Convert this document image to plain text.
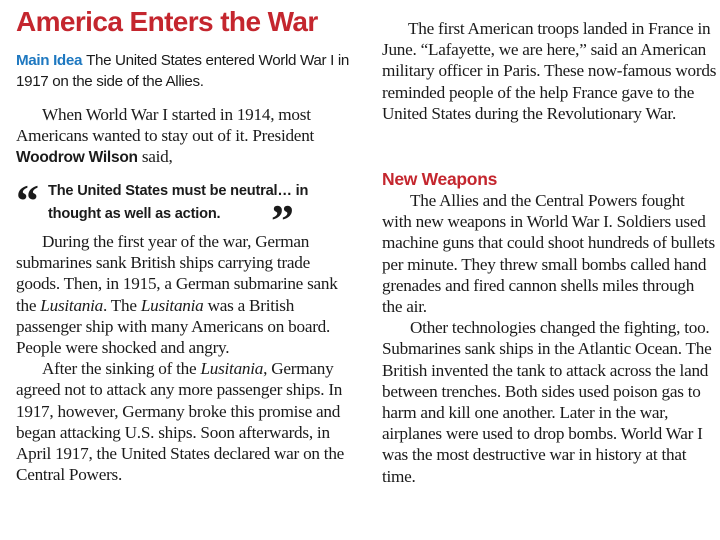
America Enters the War
Main Idea The United States entered World War I in 1917 on the side of the Allies.

When World War I started in 1914, most Americans wanted to stay out of it. President Woodrow Wilson said,

“ The United States must be neutral… in thought as well as action.	”

During the first year of the war, German submarines sank British ships carrying trade goods. Then, in 1915, a German submarine sank the Lusitania. The Lusitania was a British passenger ship with many Americans on board. People were shocked and angry.

After the sinking of the Lusitania, Germany agreed not to attack any more passenger ships. In 1917, however, Germany broke this promise and began attacking U.S. ships. Soon afterwards, in April 1917, the United States declared war on the Central Powers.

The first American troops landed in France in June. “Lafayette, we are here,” said an American military officer in Paris. These now-famous words reminded people of the help France gave to the United States during the Revolutionary War.

New Weapons

The Allies and the Central Powers fought with new weapons in World War I. Soldiers used machine guns that could shoot hundreds of bullets per minute. They threw small bombs called hand grenades and fired cannon shells miles through the air.

Other technologies changed the fighting, too. Submarines sank ships in the Atlantic Ocean. The British invented the tank to attack across the land between trenches. Both sides used poison gas to harm and kill one another. Later in the war, airplanes were used to drop bombs. World War I was the most destructive war in history at that time.
